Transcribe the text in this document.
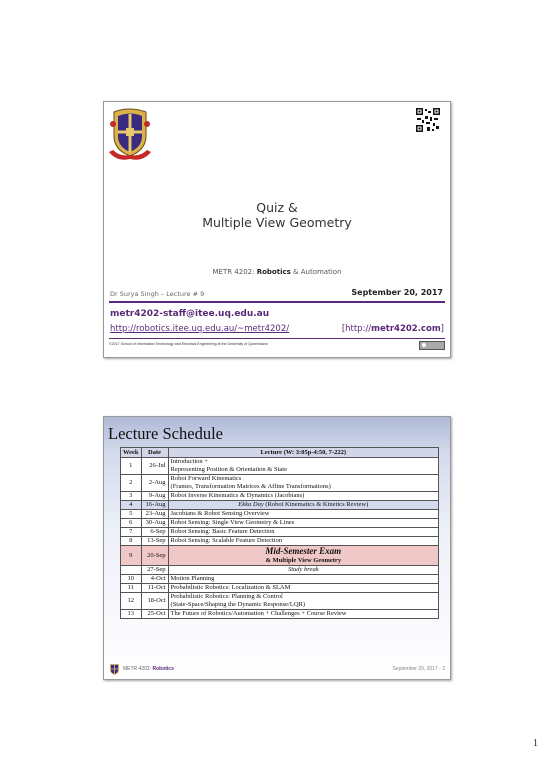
Quiz &
Multiple View Geometry
METR 4202: Robotics & Automation
Dr Surya Singh – Lecture # 9	September 20, 2017
metr4202-staff@itee.uq.edu.au
http://robotics.itee.uq.edu.au/~metr4202/	[http://metr4202.com]
©2017 School of Information Technology and Electrical Engineering at the University of Queensland
Lecture Schedule
Week	Date	Lecture (W: 3:05p-4:50, 7-222)
1	26-Jul	Introduction +
Representing Position & Orientation & State

2	2-Aug	Robot Forward Kinematics
(Frames, Transformation Matrices & Affine Transformations)

3	9-Aug	Robot Inverse Kinematics & Dynamics (Jacobians)
4	16-Aug	Ekka Day (Robot Kinematics & Kinetics Review)
5	23-Aug	Jacobians & Robot Sensing Overview
6	30-Aug	Robot Sensing: Single View Geometry & Lines
7	6-Sep	Robot Sensing: Basic Feature Detection
8	13-Sep	Robot Sensing: Scalable Feature Detection
9	20-Sep	Mid-Semester Exam
& Multiple View Geometry
	27-Sep	Study break
10	4-Oct	Motion Planning
11	11-Oct	Probabilistic Robotics: Localization & SLAM
12	18-Oct	Probabilistic Robotics: Planning & Control
(State-Space/Shaping the Dynamic Response/LQR)

13	25-Oct	The Future of Robotics/Automation + Challenges + Course Review
METR 4202: Robotics	September 20, 2017 - 2
1
